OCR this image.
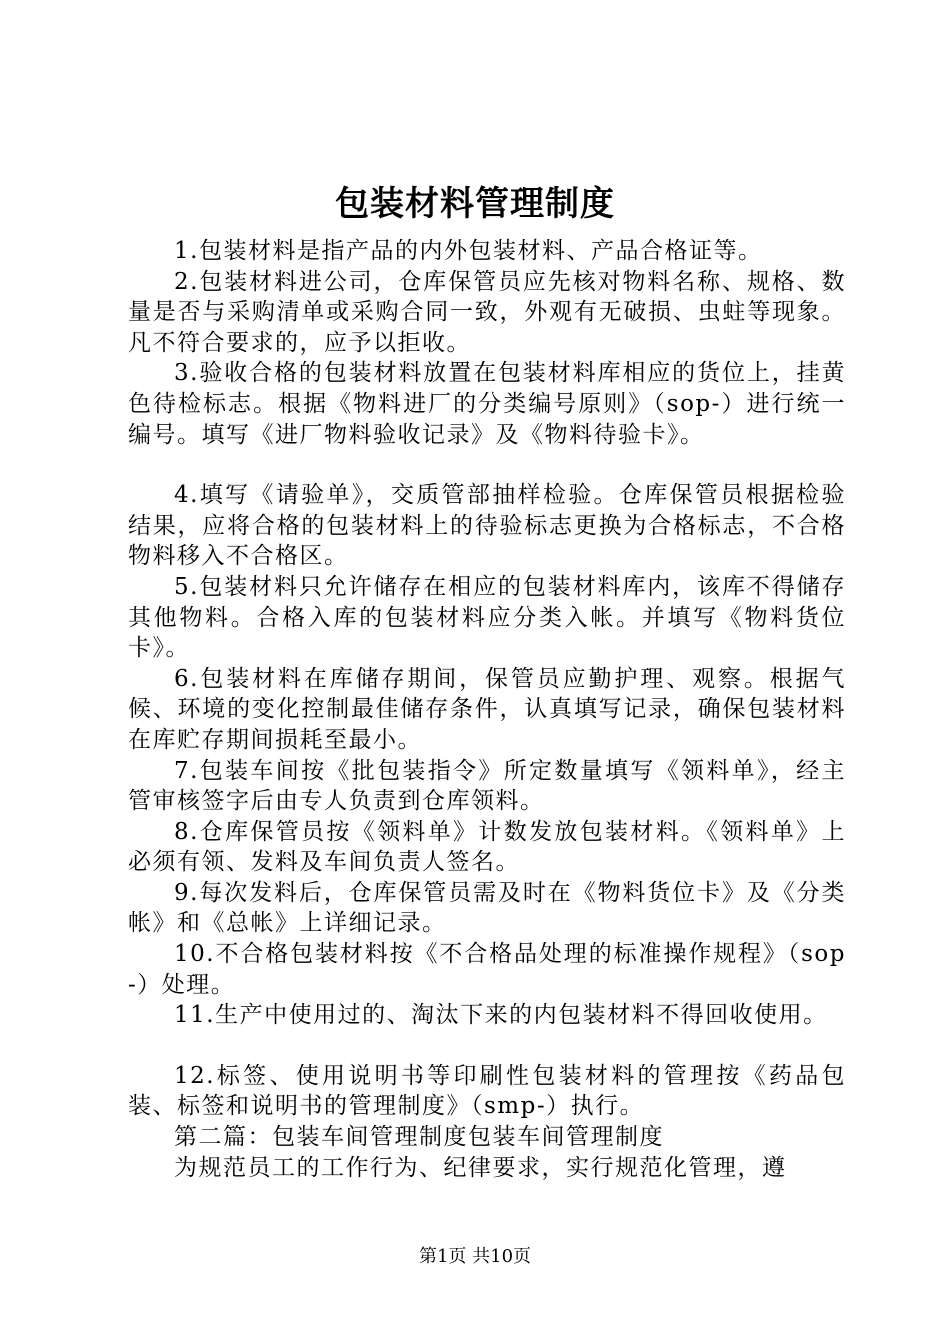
包装材料管理制度

1.包装材料是指产品的内外包装材料、产品合格证等。

2.包装材料进公司，仓库保管员应先核对物料名称、规格、数量是否与采购清单或采购合同一致，外观有无破损、虫蛀等现象。凡不符合要求的，应予以拒收。

3.验收合格的包装材料放置在包装材料库相应的货位上，挂黄色待检标志。根据《物料进厂的分类编号原则》（sop-）进行统一编号。填写《进厂物料验收记录》及《物料待验卡》。

4.填写《请验单》，交质管部抽样检验。仓库保管员根据检验结果，应将合格的包装材料上的待验标志更换为合格标志，不合格物料移入不合格区。

5.包装材料只允许储存在相应的包装材料库内，该库不得储存其他物料。合格入库的包装材料应分类入帐。并填写《物料货位卡》。

6.包装材料在库储存期间，保管员应勤护理、观察。根据气候、环境的变化控制最佳储存条件，认真填写记录，确保包装材料在库贮存期间损耗至最小。

7.包装车间按《批包装指令》所定数量填写《领料单》，经主管审核签字后由专人负责到仓库领料。

8.仓库保管员按《领料单》计数发放包装材料。《领料单》上必须有领、发料及车间负责人签名。

9.每次发料后，仓库保管员需及时在《物料货位卡》及《分类帐》和《总帐》上详细记录。

10.不合格包装材料按《不合格品处理的标准操作规程》（sop-）处理。

11.生产中使用过的、淘汰下来的内包装材料不得回收使用。

12.标签、使用说明书等印刷性包装材料的管理按《药品包装、标签和说明书的管理制度》（smp-）执行。

第二篇：包装车间管理制度包装车间管理制度

为规范员工的工作行为、纪律要求，实行规范化管理，遵

第1页 共10页
